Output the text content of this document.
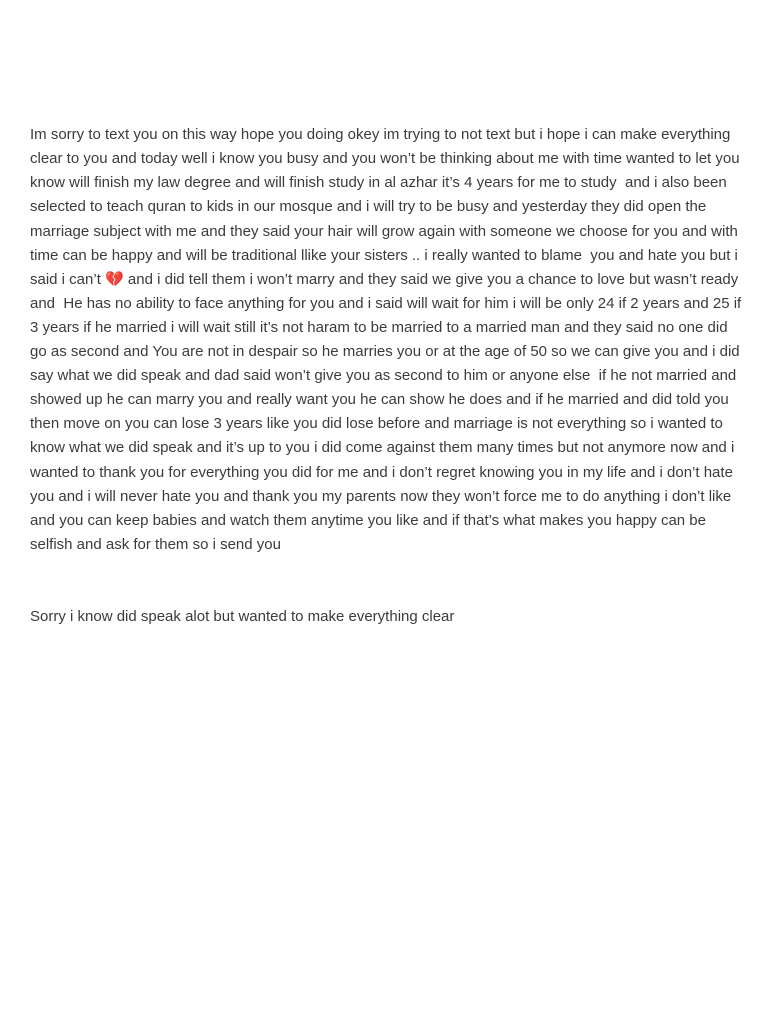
Im sorry to text you on this way hope you doing okey im trying to not text but i hope i can make everything clear to you and today well i know you busy and you won’t be thinking about me with time wanted to let you know will finish my law degree and will finish study in al azhar it’s 4 years for me to study  and i also been selected to teach quran to kids in our mosque and i will try to be busy and yesterday they did open the marriage subject with me and they said your hair will grow again with someone we choose for you and with time can be happy and will be traditional llike your sisters .. i really wanted to blame  you and hate you but i said i can’t 💔 and i did tell them i won’t marry and they said we give you a chance to love but wasn’t ready and  He has no ability to face anything for you and i said will wait for him i will be only 24 if 2 years and 25 if 3 years if he married i will wait still it’s not haram to be married to a married man and they said no one did go as second and You are not in despair so he marries you or at the age of 50 so we can give you and i did say what we did speak and dad said won’t give you as second to him or anyone else  if he not married and showed up he can marry you and really want you he can show he does and if he married and did told you then move on you can lose 3 years like you did lose before and marriage is not everything so i wanted to know what we did speak and it’s up to you i did come against them many times but not anymore now and i wanted to thank you for everything you did for me and i don’t regret knowing you in my life and i don’t hate you and i will never hate you and thank you my parents now they won’t force me to do anything i don’t like and you can keep babies and watch them anytime you like and if that’s what makes you happy can be selfish and ask for them so i send you

Sorry i know did speak alot but wanted to make everything clear
